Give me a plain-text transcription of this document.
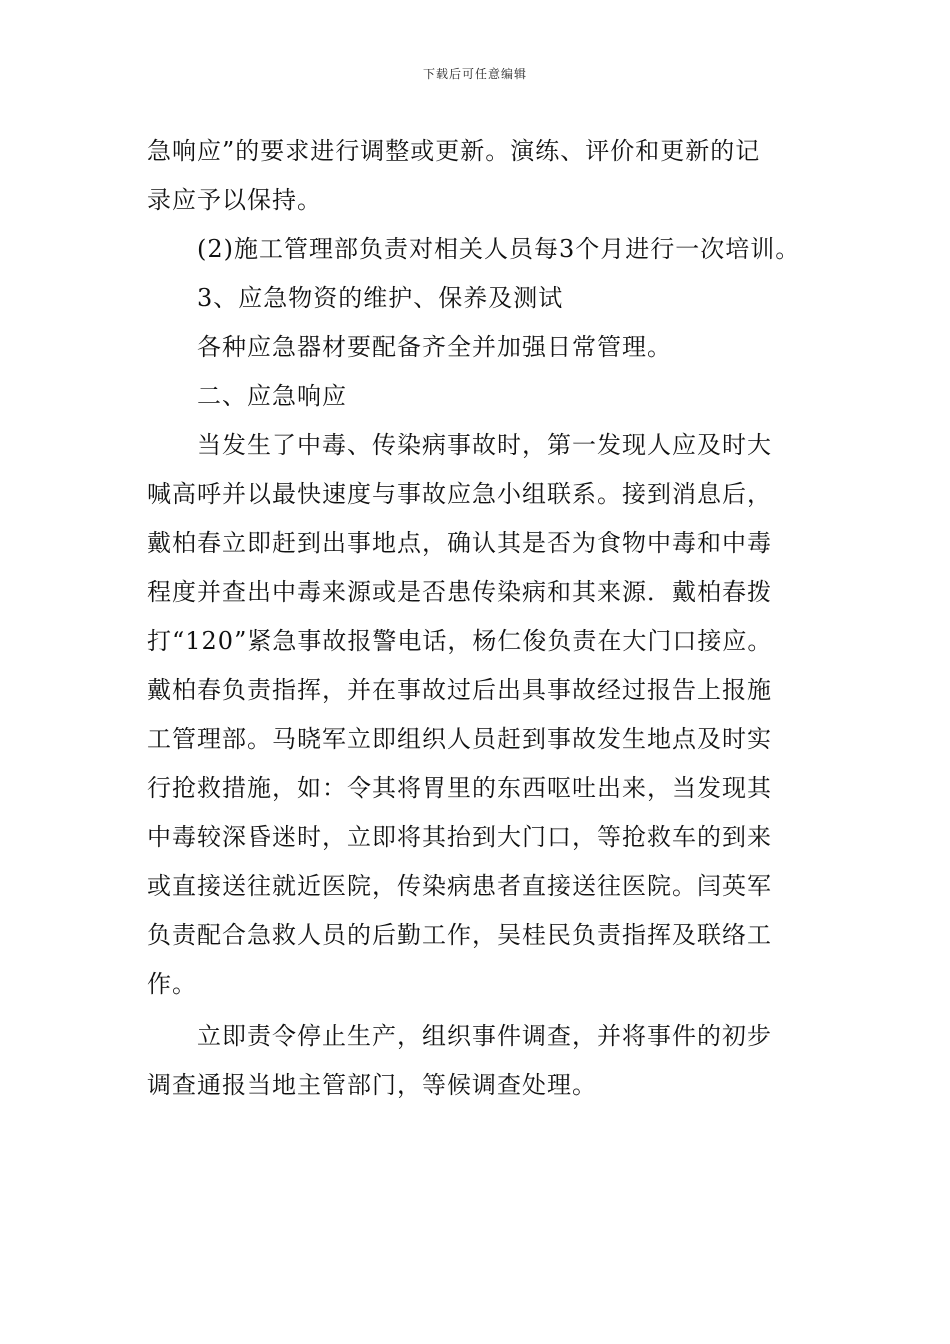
下载后可任意编辑
急响应”的要求进行调整或更新。演练、评价和更新的记
录应予以保持。
(2)施工管理部负责对相关人员每3个月进行一次培训。
3、应急物资的维护、保养及测试
各种应急器材要配备齐全并加强日常管理。
二、应急响应
当发生了中毒、传染病事故时，第一发现人应及时大
喊高呼并以最快速度与事故应急小组联系。接到消息后，
戴柏春立即赶到出事地点，确认其是否为食物中毒和中毒
程度并查出中毒来源或是否患传染病和其来源．戴柏春拨
打“120”紧急事故报警电话，杨仁俊负责在大门口接应。
戴柏春负责指挥，并在事故过后出具事故经过报告上报施
工管理部。马晓军立即组织人员赶到事故发生地点及时实
行抢救措施，如：令其将胃里的东西呕吐出来，当发现其
中毒较深昏迷时，立即将其抬到大门口，等抢救车的到来
或直接送往就近医院，传染病患者直接送往医院。闫英军
负责配合急救人员的后勤工作，吴桂民负责指挥及联络工
作。
立即责令停止生产，组织事件调查，并将事件的初步
调查通报当地主管部门，等候调查处理。
